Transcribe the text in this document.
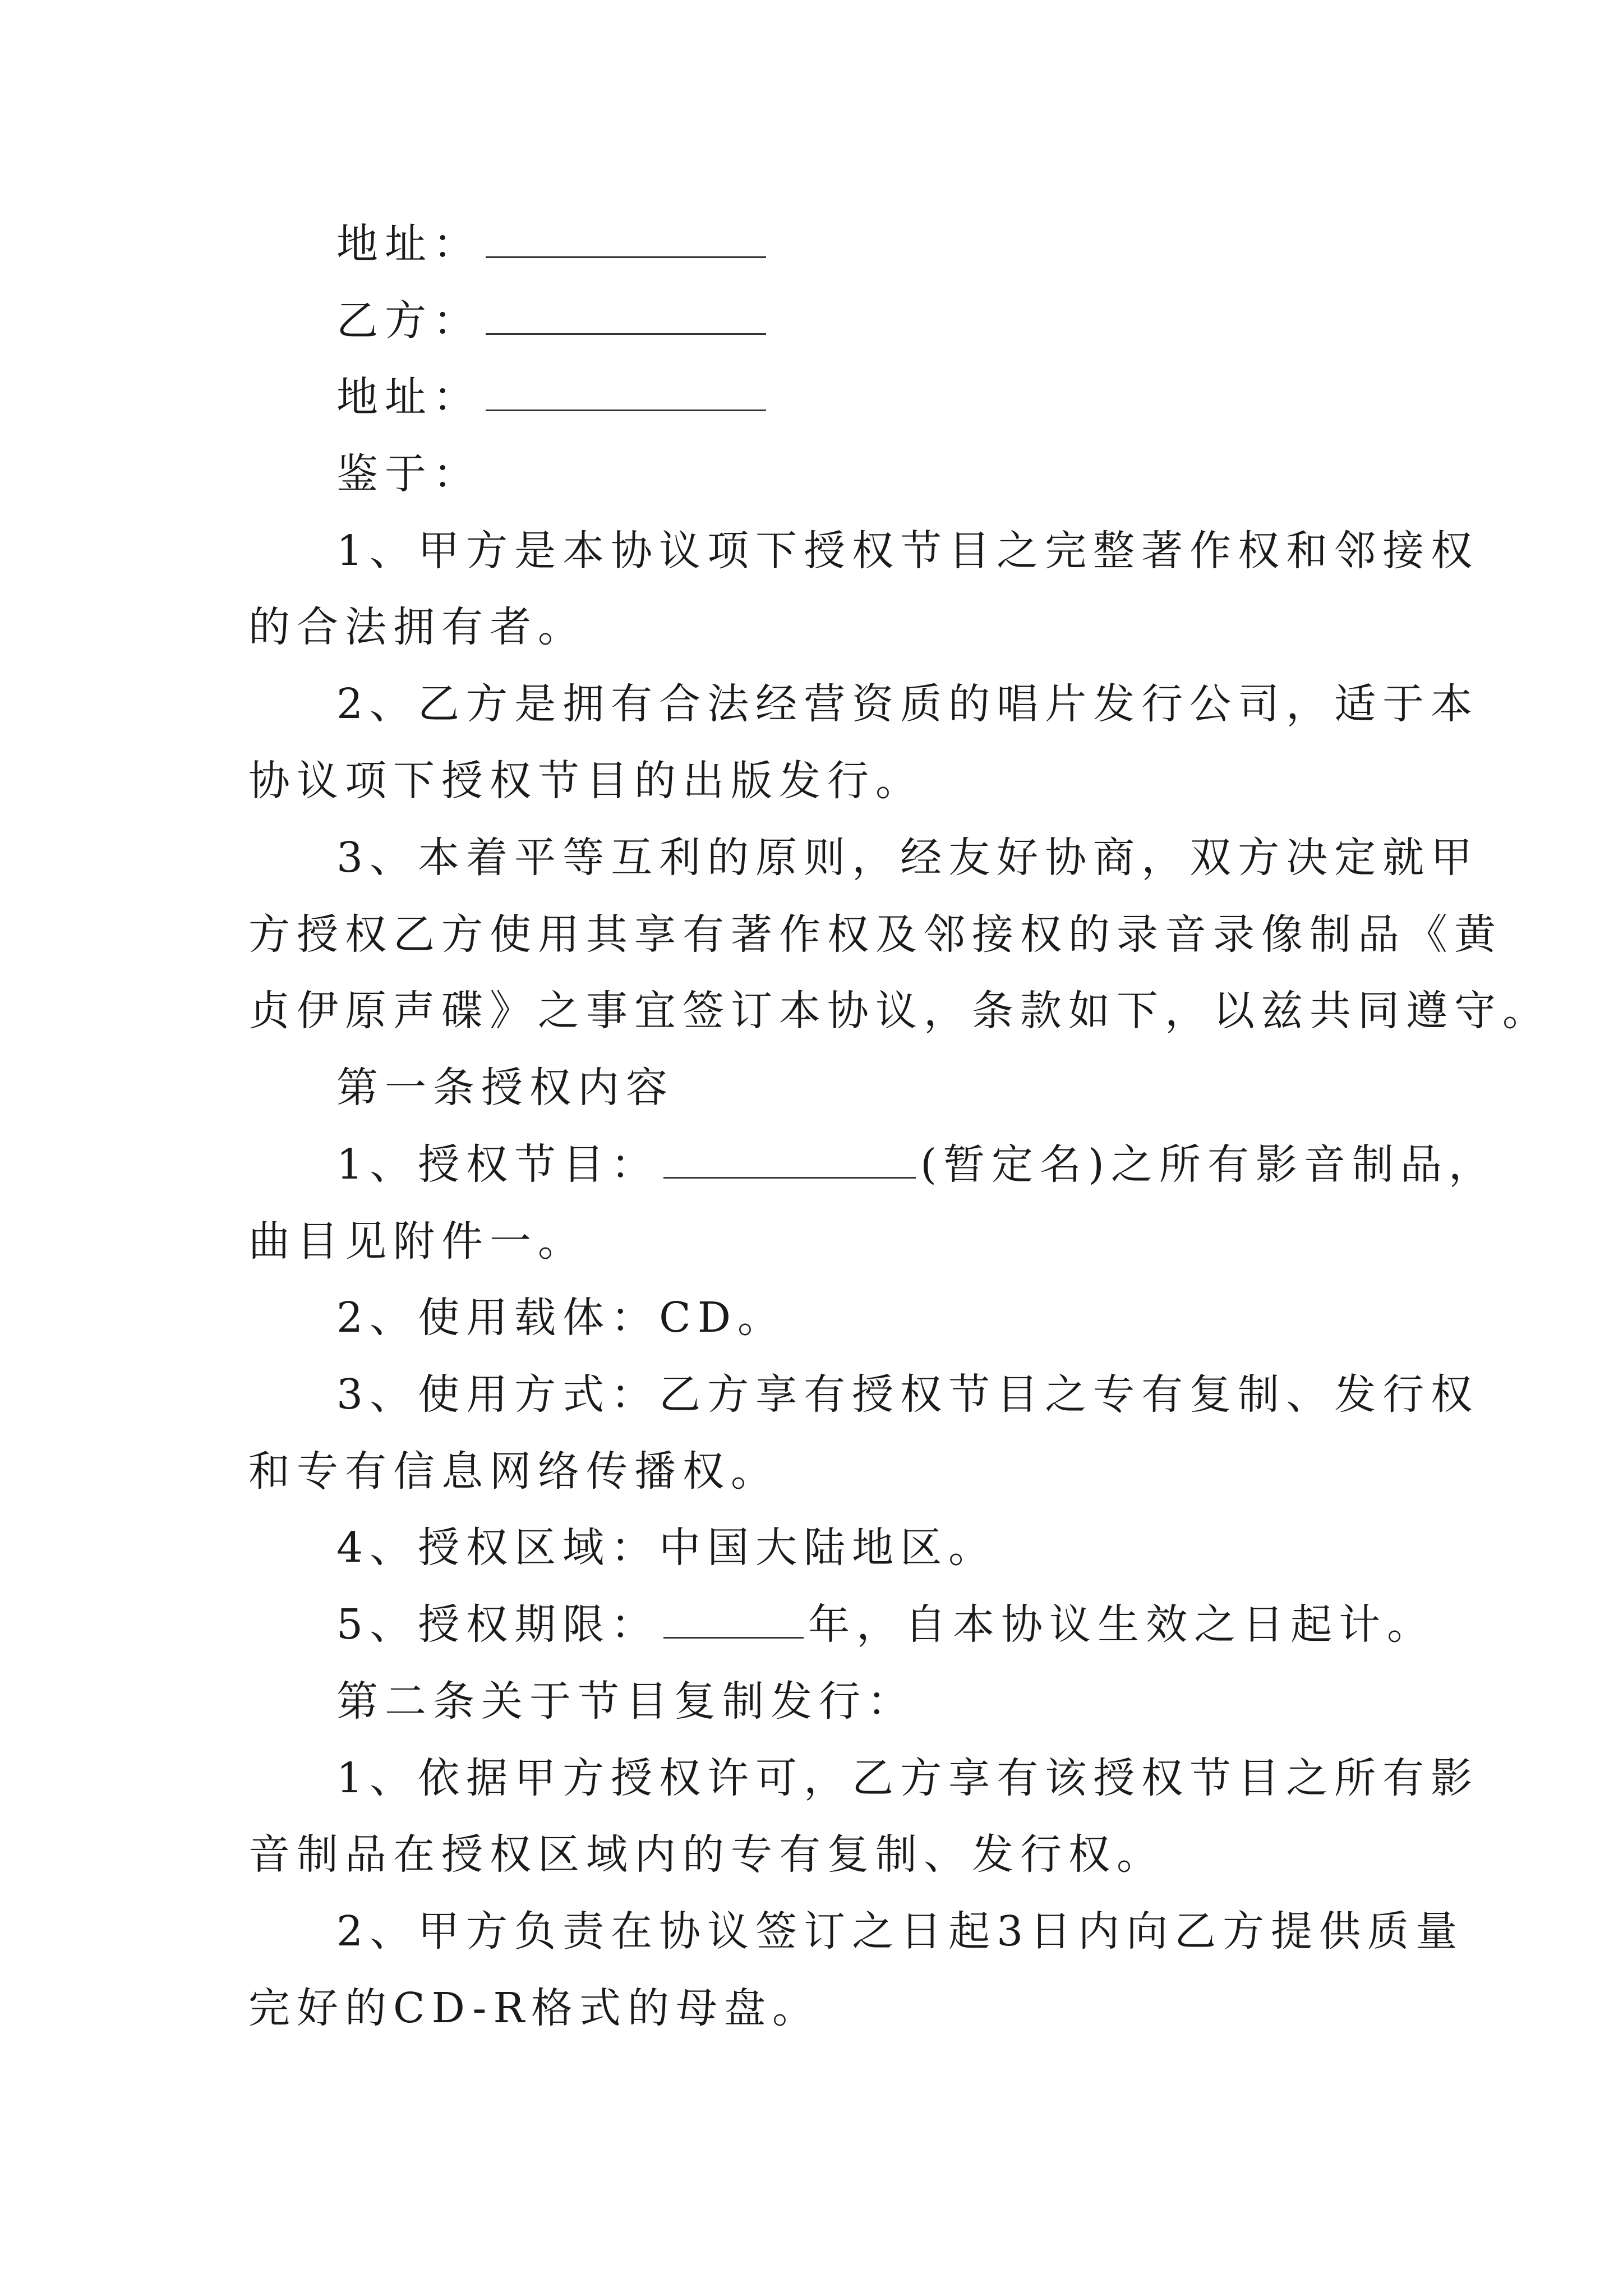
地址：
乙方：
地址：
鉴于：
1、甲方是本协议项下授权节目之完整著作权和邻接权
的合法拥有者。
2、乙方是拥有合法经营资质的唱片发行公司，适于本
协议项下授权节目的出版发行。
3、本着平等互利的原则，经友好协商，双方决定就甲
方授权乙方使用其享有著作权及邻接权的录音录像制品《黄
贞伊原声碟》之事宜签订本协议，条款如下，以兹共同遵守。
第一条授权内容
1、授权节目：	(暂定名)之所有影音制品，
曲目见附件一。
2、使用载体：CD。
3、使用方式：乙方享有授权节目之专有复制、发行权
和专有信息网络传播权。
4、授权区域：中国大陆地区。
5、授权期限：	年，自本协议生效之日起计。
第二条关于节目复制发行：
1、依据甲方授权许可，乙方享有该授权节目之所有影
音制品在授权区域内的专有复制、发行权。
2、甲方负责在协议签订之日起3日内向乙方提供质量
完好的CD-R格式的母盘。
